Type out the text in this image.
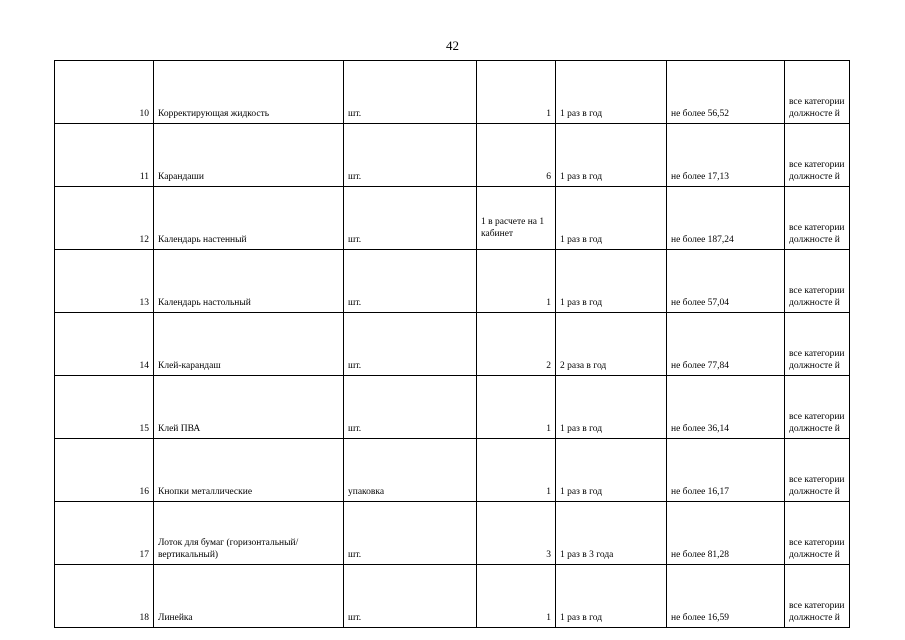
42
10	Корректирующая жидкость	шт.	1	1 раз в год	не более 56,52	все категории должносте й
11	Карандаши	шт.	6	1 раз в год	не более 17,13	все категории должносте й
12	Календарь настенный	шт.	1 в расчете на 1 кабинет	1 раз в год	не более 187,24	все категории должносте й
13	Календарь настольный	шт.	1	1 раз в год	не более 57,04	все категории должносте й
14	Клей-карандаш	шт.	2	2 раза в год	не более 77,84	все категории должносте й
15	Клей ПВА	шт.	1	1 раз в год	не более 36,14	все категории должносте й
16	Кнопки металлические	упаковка	1	1 раз в год	не более 16,17	все категории должносте й
17	Лоток для бумаг (горизонтальный/вертикальный)	шт.	3	1 раз в 3 года	не более 81,28	все категории должносте й
18	Линейка	шт.	1	1 раз в год	не более 16,59	все категории должносте й
